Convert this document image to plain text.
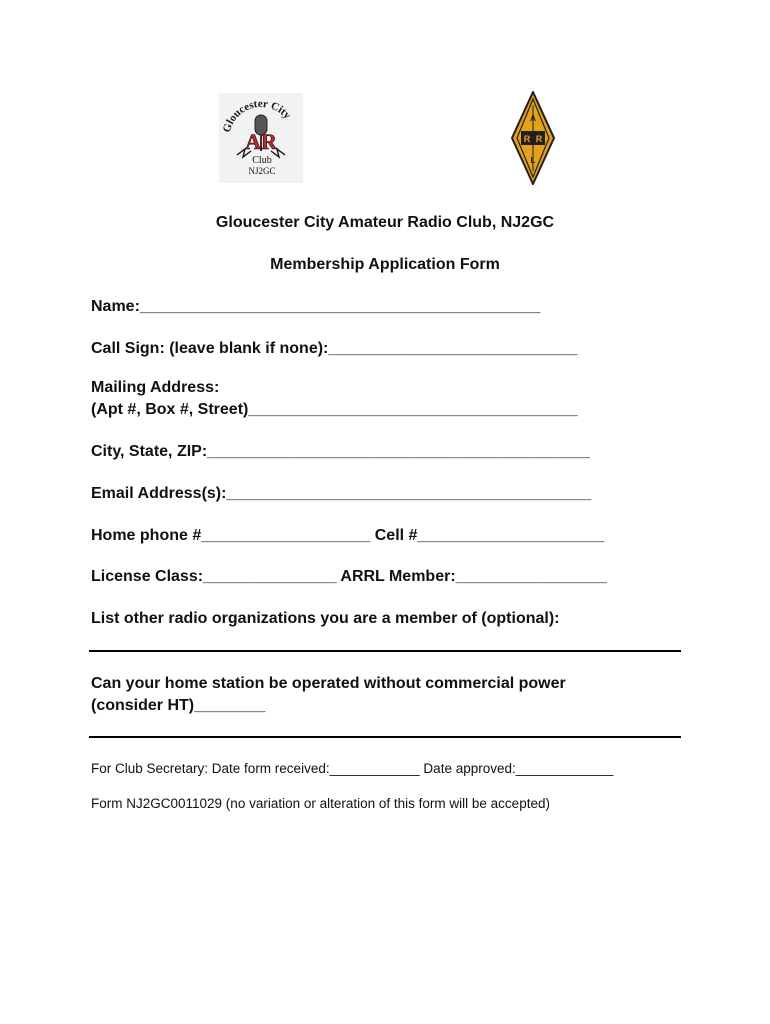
Gloucester City
AR
Club
NJ2GC
R R
A
L
Gloucester City Amateur Radio Club, NJ2GC
Membership Application Form
Name:_____________________________________________
Call Sign: (leave blank if none):____________________________
Mailing Address:
(Apt #, Box #, Street)_____________________________________
City, State, ZIP:___________________________________________
Email Address(s):_________________________________________
Home phone #___________________ Cell #_____________________
License Class:_______________ ARRL Member:_________________
List other radio organizations you are a member of (optional):
Can your home station be operated without commercial power
(consider HT)________
For Club Secretary: Date form received:____________ Date approved:_____________
Form NJ2GC0011029 (no variation or alteration of this form will be accepted)
